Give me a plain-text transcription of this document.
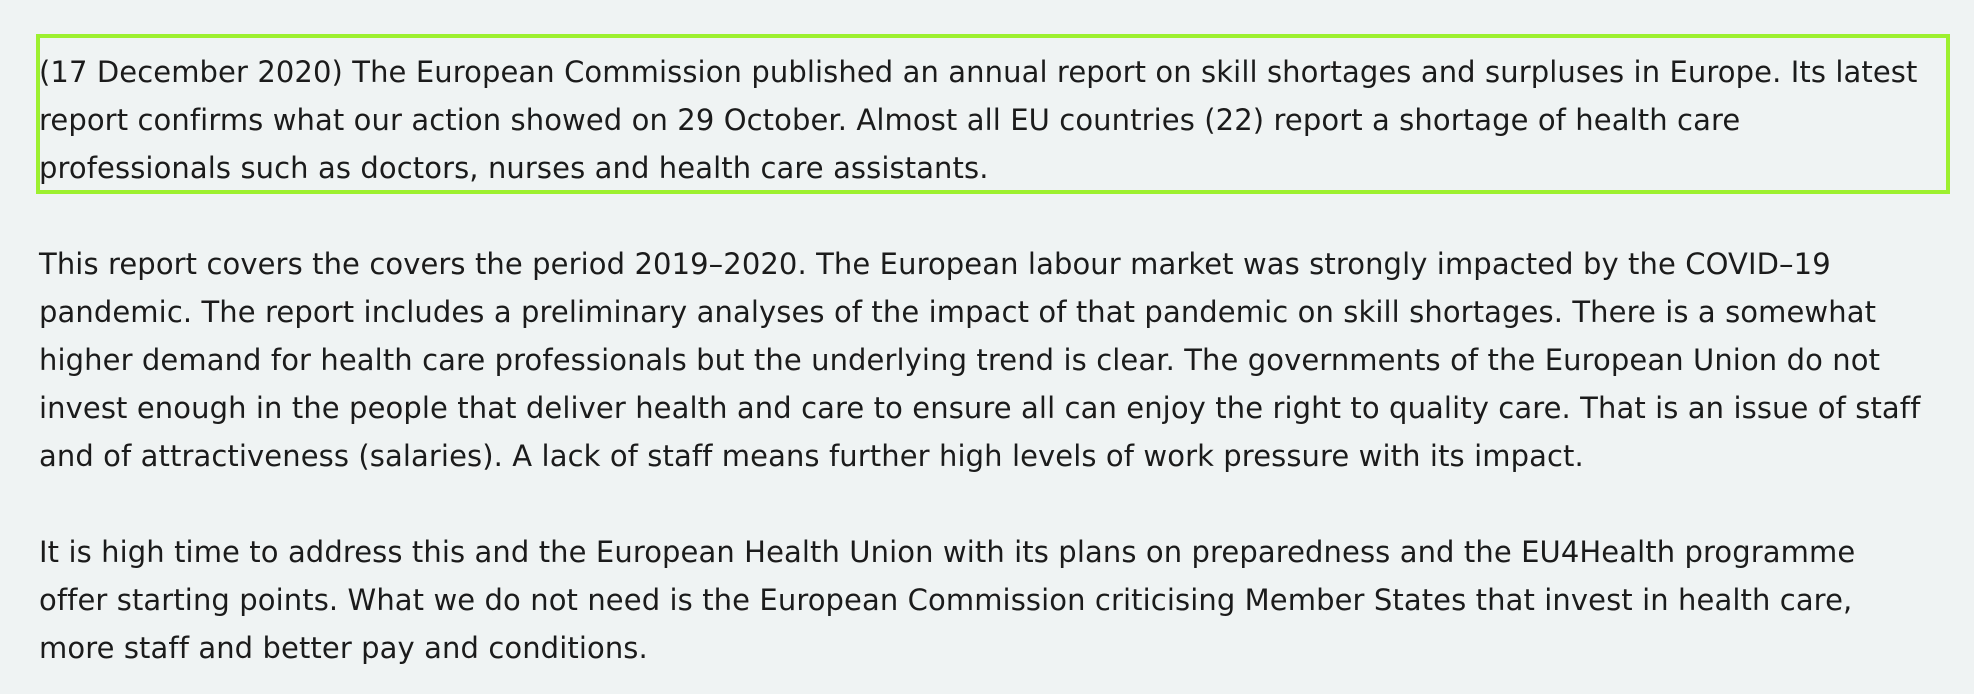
(17 December 2020) The European Commission published an annual report on skill shortages and surpluses in Europe. Its latest
report confirms what our action showed on 29 October. Almost all EU countries (22) report a shortage of health care
professionals such as doctors, nurses and health care assistants.

This report covers the covers the period 2019–2020. The European labour market was strongly impacted by the COVID–19
pandemic. The report includes a preliminary analyses of the impact of that pandemic on skill shortages. There is a somewhat
higher demand for health care professionals but the underlying trend is clear. The governments of the European Union do not
invest enough in the people that deliver health and care to ensure all can enjoy the right to quality care. That is an issue of staff
and of attractiveness (salaries). A lack of staff means further high levels of work pressure with its impact.

It is high time to address this and the European Health Union with its plans on preparedness and the EU4Health programme
offer starting points. What we do not need is the European Commission criticising Member States that invest in health care,
more staff and better pay and conditions.
